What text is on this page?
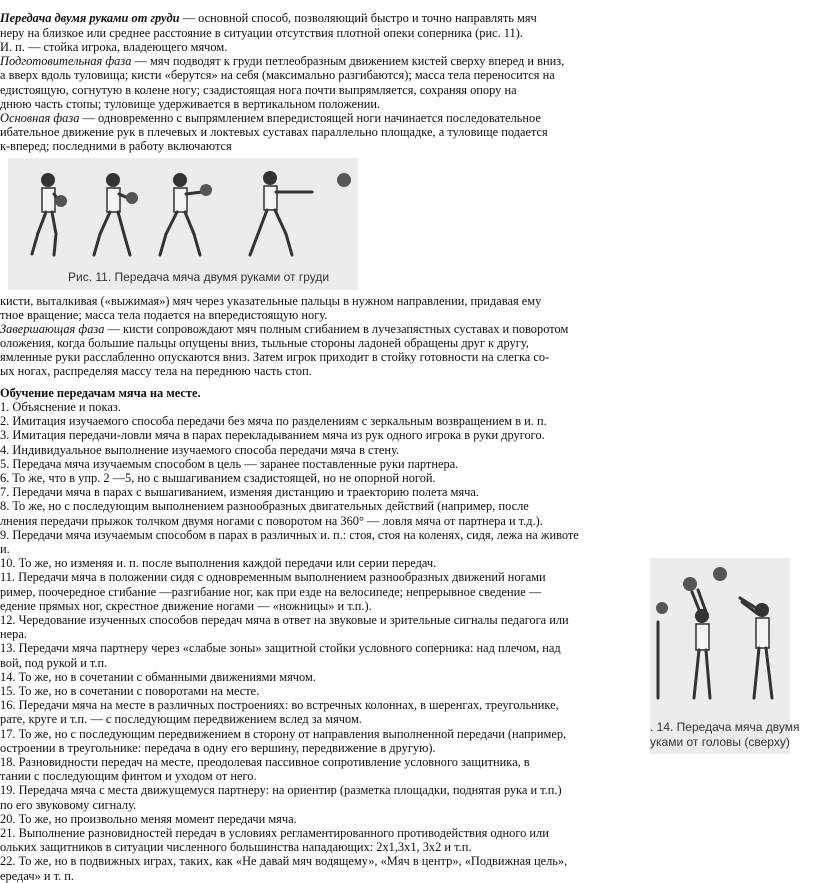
Передача двумя руками от груди — основной способ, позволяющий быстро и точно направлять мяч
неру на близкое или среднее расстояние в ситуации отсутствия плотной опеки соперника (рис. 11).
И. п. — стойка игрока, владеющего мячом.
Подготовительная фаза — мяч подводят к груди петлеобразным движением кистей сверху вперед и вниз,
а вверх вдоль туловища; кисти «берутся» на себя (максимально разгибаются); масса тела переносится на
едистоящую, согнутую в колене ногу; сзадистоящая нога почти выпрямляется, сохраняя опору на
днюю часть стопы; туловище удерживается в вертикальном положении.
Основная фаза — одновременно с выпрямлением впередистоящей ноги начинается последовательное
ибательное движение рук в плечевых и локтевых суставах параллельно площадке, а туловище подается
к-вперед; последними в работу включаются
Рис. 11. Передача мяча двумя руками от груди
кисти, выталкивая («выжимая») мяч через указательные пальцы в нужном направлении, придавая ему
тное вращение; масса тела подается на впередистоящую ногу.
Завершающая фаза — кисти сопровождают мяч полным сгибанием в лучезапястных суставах и поворотом
оложения, когда большие пальцы опущены вниз, тыльные стороны ладоней обращены друг к другу,
ямленные руки расслабленно опускаются вниз. Затем игрок приходит в стойку готовности на слегка со-
ых ногах, распределяя массу тела на переднюю часть стоп.
Обучение передачам мяча на месте.
1. Объяснение и показ.
2. Имитация изучаемого способа передачи без мяча по разделениям с зеркальным возвращением в и. п.
3. Имитация передачи-ловли мяча в парах перекладыванием мяча из рук одного игрока в руки другого.
4. Индивидуальное выполнение изучаемого способа передачи мяча в стену.
5. Передача мяча изучаемым способом в цель — заранее поставленные руки партнера.
6. То же, что в упр. 2 —5, но с вышагиванием сзадистоящей, но не опорной ногой.
7. Передачи мяча в парах с вышагиванием, изменяя дистанцию и траекторию полета мяча.
8. То же, но с последующим выполнением разнообразных двигательных действий (например, после
лнения передачи прыжок толчком двумя ногами с поворотом на 360° — ловля мяча от партнера и т.д.).
9. Передачи мяча изучаемым способом в парах в различных и. п.: стоя, стоя на коленях, сидя, лежа на животе
и.
10. То же, но изменяя и. п. после выполнения каждой передачи или серии передач.
11. Передачи мяча в положении сидя с одновременным выполнением разнообразных движений ногами
ример, поочередное сгибание —разгибание ног, как при езде на велосипеде; непрерывное сведение —
едение прямых ног, скрестное движение ногами — «ножницы» и т.п.).
12. Чередование изученных способов передач мяча в ответ на звуковые и зрительные сигналы педагога или
нера.
13. Передачи мяча партнеру через «слабые зоны» защитной стойки условного соперника: над плечом, над
вой, под рукой и т.п.
14. То же, но в сочетании с обманными движениями мячом.
15. То же, но в сочетании с поворотами на месте.
16. Передачи мяча на месте в различных построениях: во встречных колоннах, в шеренгах, треугольнике,
рате, круге и т.п. — с последующим передвижением вслед за мячом.
17. То же, но с последующим передвижением в сторону от направления выполненной передачи (например,
остроении в треугольнике: передача в одну его вершину, передвижение в другую).
18. Разновидности передач на месте, преодолевая пассивное сопротивление условного защитника, в
тании с последующим финтом и уходом от него.
19. Передача мяча с места движущемуся партнеру: на ориентир (разметка площадки, поднятая рука и т.п.)
по его звуковому сигналу.
20. То же, но произвольно меняя момент передачи мяча.
21. Выполнение разновидностей передач в условиях регламентированного противодействия одного или
ольких защитников в ситуации численного большинства нападающих: 2х1,3х1, 3х2 и т.п.
22. То же, но в подвижных играх, таких, как «Не давай мяч водящему», «Мяч в центр», «Подвижная цель»,
ередач» и т. п.
. 14. Передача мяча двумя
уками от головы (сверху)
